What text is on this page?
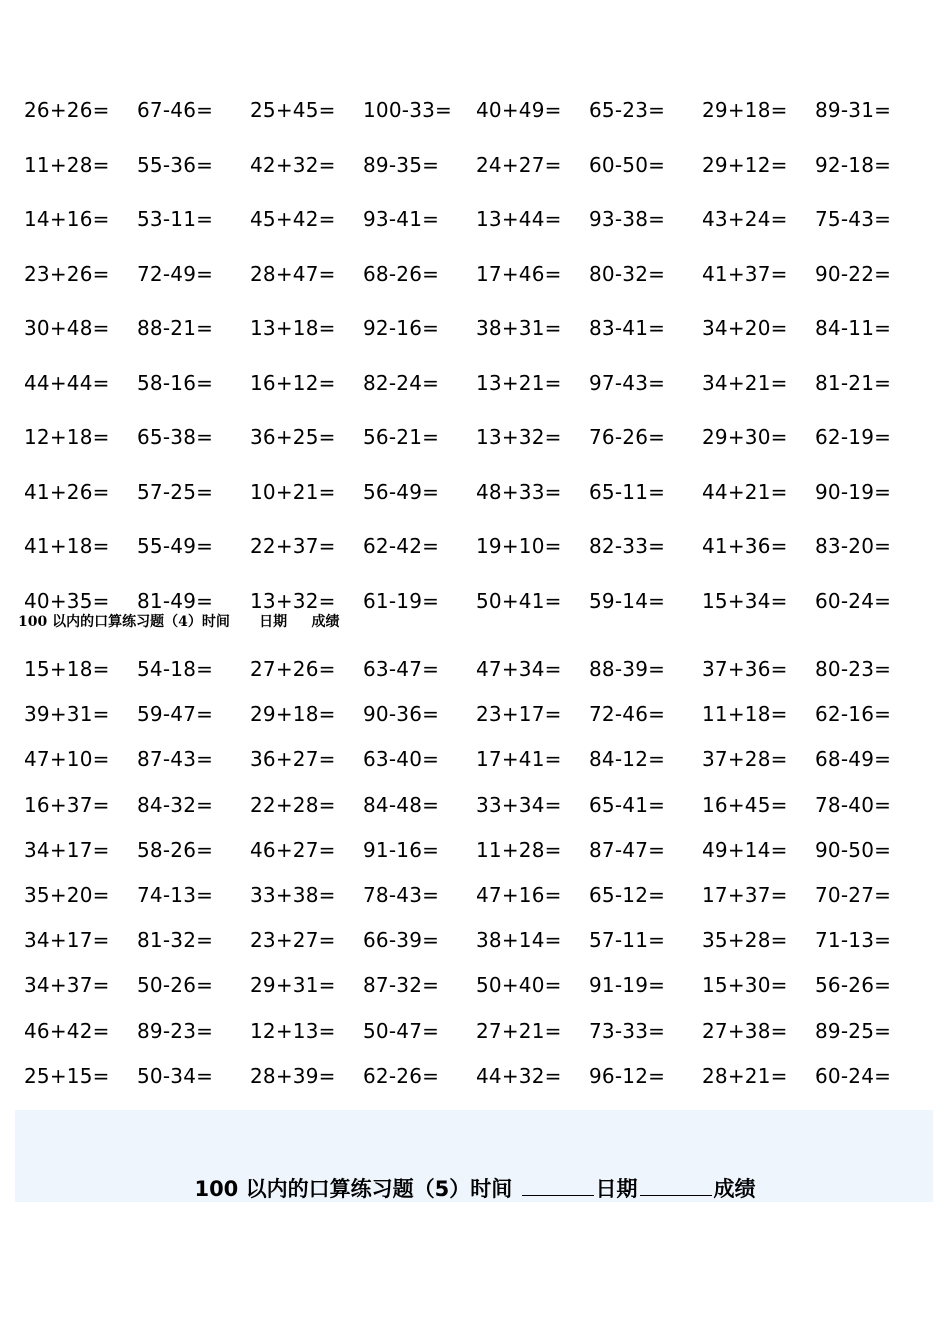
26+26= 67-46= 25+45= 100-33= 40+49= 65-23= 29+18= 89-31=
11+28= 55-36= 42+32= 89-35= 24+27= 60-50= 29+12= 92-18=
14+16= 53-11= 45+42= 93-41= 13+44= 93-38= 43+24= 75-43=
23+26= 72-49= 28+47= 68-26= 17+46= 80-32= 41+37= 90-22=
30+48= 88-21= 13+18= 92-16= 38+31= 83-41= 34+20= 84-11=
44+44= 58-16= 16+12= 82-24= 13+21= 97-43= 34+21= 81-21=
12+18= 65-38= 36+25= 56-21= 13+32= 76-26= 29+30= 62-19=
41+26= 57-25= 10+21= 56-49= 48+33= 65-11= 44+21= 90-19=
41+18= 55-49= 22+37= 62-42= 19+10= 82-33= 41+36= 83-20=
40+35= 81-49= 13+32= 61-19= 50+41= 59-14= 15+34= 60-24=
100 以内的口算练习题（4）时间 日期 成绩
15+18= 54-18= 27+26= 63-47= 47+34= 88-39= 37+36= 80-23=
39+31= 59-47= 29+18= 90-36= 23+17= 72-46= 11+18= 62-16=
47+10= 87-43= 36+27= 63-40= 17+41= 84-12= 37+28= 68-49=
16+37= 84-32= 22+28= 84-48= 33+34= 65-41= 16+45= 78-40=
34+17= 58-26= 46+27= 91-16= 11+28= 87-47= 49+14= 90-50=
35+20= 74-13= 33+38= 78-43= 47+16= 65-12= 17+37= 70-27=
34+17= 81-32= 23+27= 66-39= 38+14= 57-11= 35+28= 71-13=
34+37= 50-26= 29+31= 87-32= 50+40= 91-19= 15+30= 56-26=
46+42= 89-23= 12+13= 50-47= 27+21= 73-33= 27+38= 89-25=
25+15= 50-34= 28+39= 62-26= 44+32= 96-12= 28+21= 60-24=
100 以内的口算练习题（5）时间	日期	成绩
